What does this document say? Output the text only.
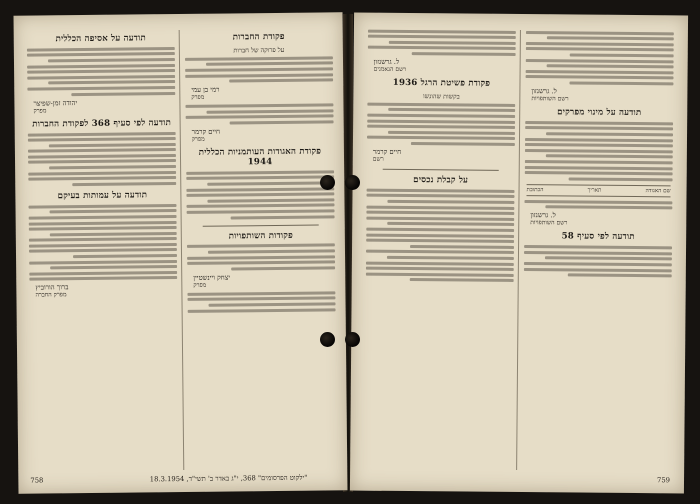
פקודת החברות
על פרוקה של חברות
רמי בן עמי
מפרק
חיים קרמר
מפרק
פקודת האגודות העותמניות הכללית 1944
פקודות השותפויות
יצחק ויינשטיין
מפרק
תודעה על אסיפה הכללית
יהודה זמן-שפיצר
מפרק
תודעה לפי סעיף 368 לפקודת החברות
תודעה על עמותות בעיקם
ברוך הורוביץ
מפרק החברה
758	"ילקוט הפרסומים" 368, י"ג באדר ב' תשי"ד, 18.3.1954
ל. גרשנזון
רשם השותפויות
תודעה על מינוי מפרקים
שם האגודה
תאריך
הכתובת
ל. גרשנזון
רשם השותפויות
תודעה לפי סעיף 58
ל. גרשנזון
רשם הנאמנים
פקודת פשיטת הרגל 1936
בקשות שהוגשו
חיים קרמר
רשם
על קבלת נכסים
759
